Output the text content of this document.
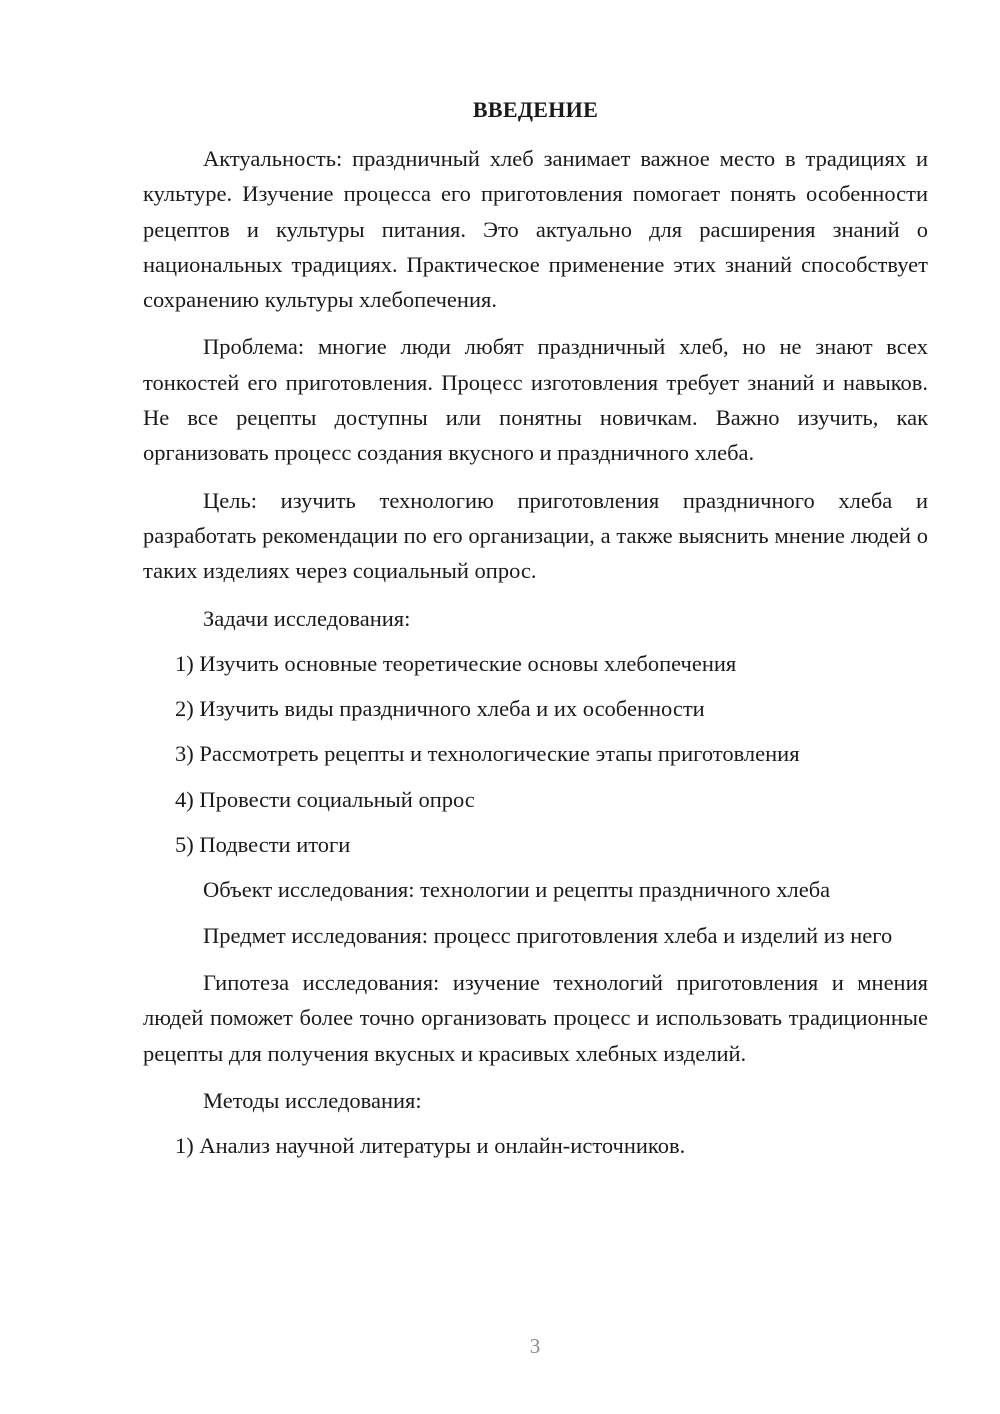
ВВЕДЕНИЕ

Актуальность: праздничный хлеб занимает важное место в традициях и культуре. Изучение процесса его приготовления помогает понять особенности рецептов и культуры питания. Это актуально для расширения знаний о национальных традициях. Практическое применение этих знаний способствует сохранению культуры хлебопечения.

Проблема: многие люди любят праздничный хлеб, но не знают всех тонкостей его приготовления. Процесс изготовления требует знаний и навыков. Не все рецепты доступны или понятны новичкам. Важно изучить, как организовать процесс создания вкусного и праздничного хлеба.

Цель: изучить технологию приготовления праздничного хлеба и разработать рекомендации по его организации, а также выяснить мнение людей о таких изделиях через социальный опрос.

Задачи исследования:

1) Изучить основные теоретические основы хлебопечения

2) Изучить виды праздничного хлеба и их особенности

3) Рассмотреть рецепты и технологические этапы приготовления

4) Провести социальный опрос

5) Подвести итоги

Объект исследования: технологии и рецепты праздничного хлеба

Предмет исследования: процесс приготовления хлеба и изделий из него

Гипотеза исследования: изучение технологий приготовления и мнения людей поможет более точно организовать процесс и использовать традиционные рецепты для получения вкусных и красивых хлебных изделий.

Методы исследования:

1) Анализ научной литературы и онлайн-источников.

3
